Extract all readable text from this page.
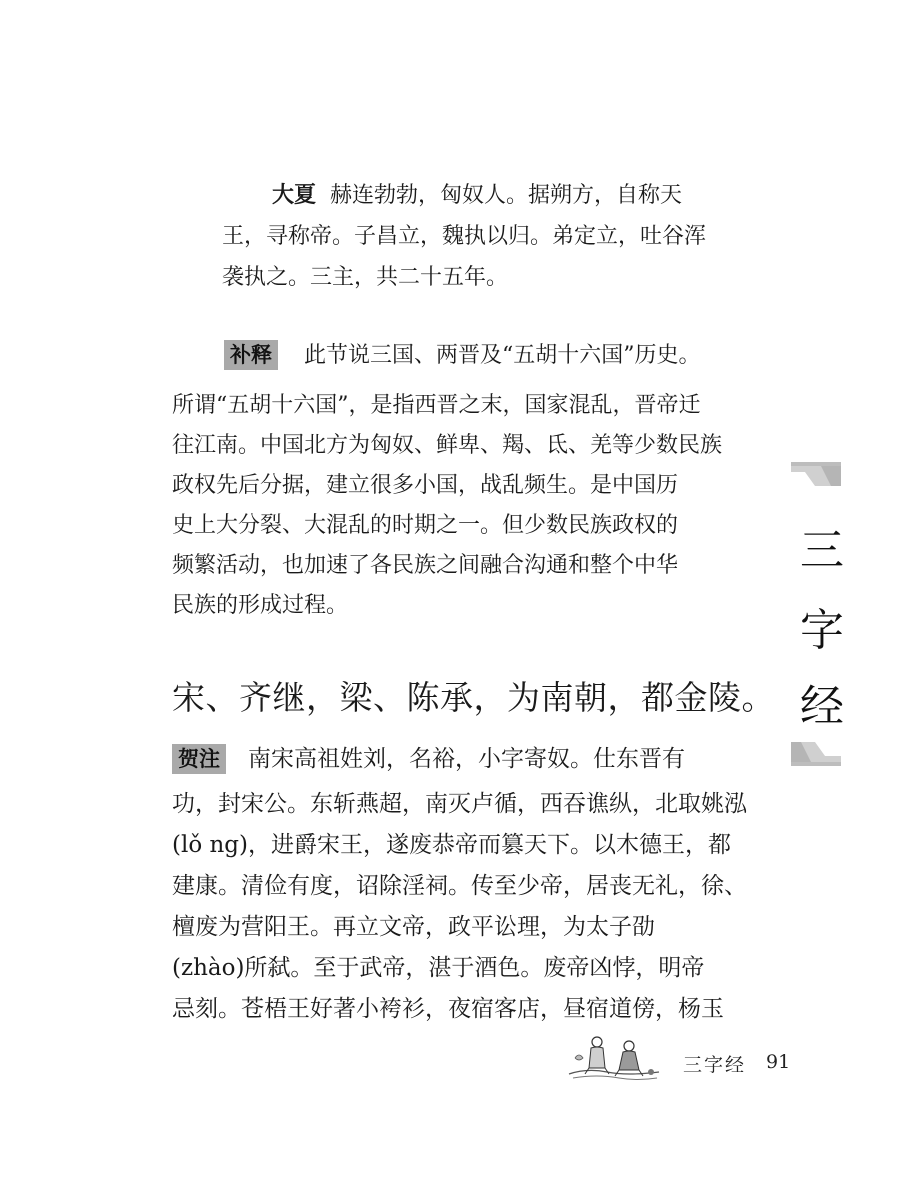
大夏 赫连勃勃，匈奴人。据朔方，自称天
王，寻称帝。子昌立，魏执以归。弟定立，吐谷浑
袭执之。三主，共二十五年。
补释 此节说三国、两晋及“五胡十六国”历史。
所谓“五胡十六国”，是指西晋之末，国家混乱，晋帝迁
往江南。中国北方为匈奴、鲜卑、羯、氐、羌等少数民族
政权先后分据，建立很多小国，战乱频生。是中国历
史上大分裂、大混乱的时期之一。但少数民族政权的
频繁活动，也加速了各民族之间融合沟通和整个中华
民族的形成过程。
宋、齐继，梁、陈承，为南朝，都金陵。
贺注 南宋高祖姓刘，名裕，小字寄奴。仕东晋有
功，封宋公。东斩燕超，南灭卢循，西吞谯纵，北取姚泓
(lǒ ng)，进爵宋王，遂废恭帝而篡天下。以木德王，都
建康。清俭有度，诏除淫祠。传至少帝，居丧无礼，徐、
檀废为营阳王。再立文帝，政平讼理，为太子劭
(zhào)所弑。至于武帝，湛于酒色。废帝凶悖，明帝
忌刻。苍梧王好著小袴衫，夜宿客店，昼宿道傍，杨玉
三
字
经
三字经 91
